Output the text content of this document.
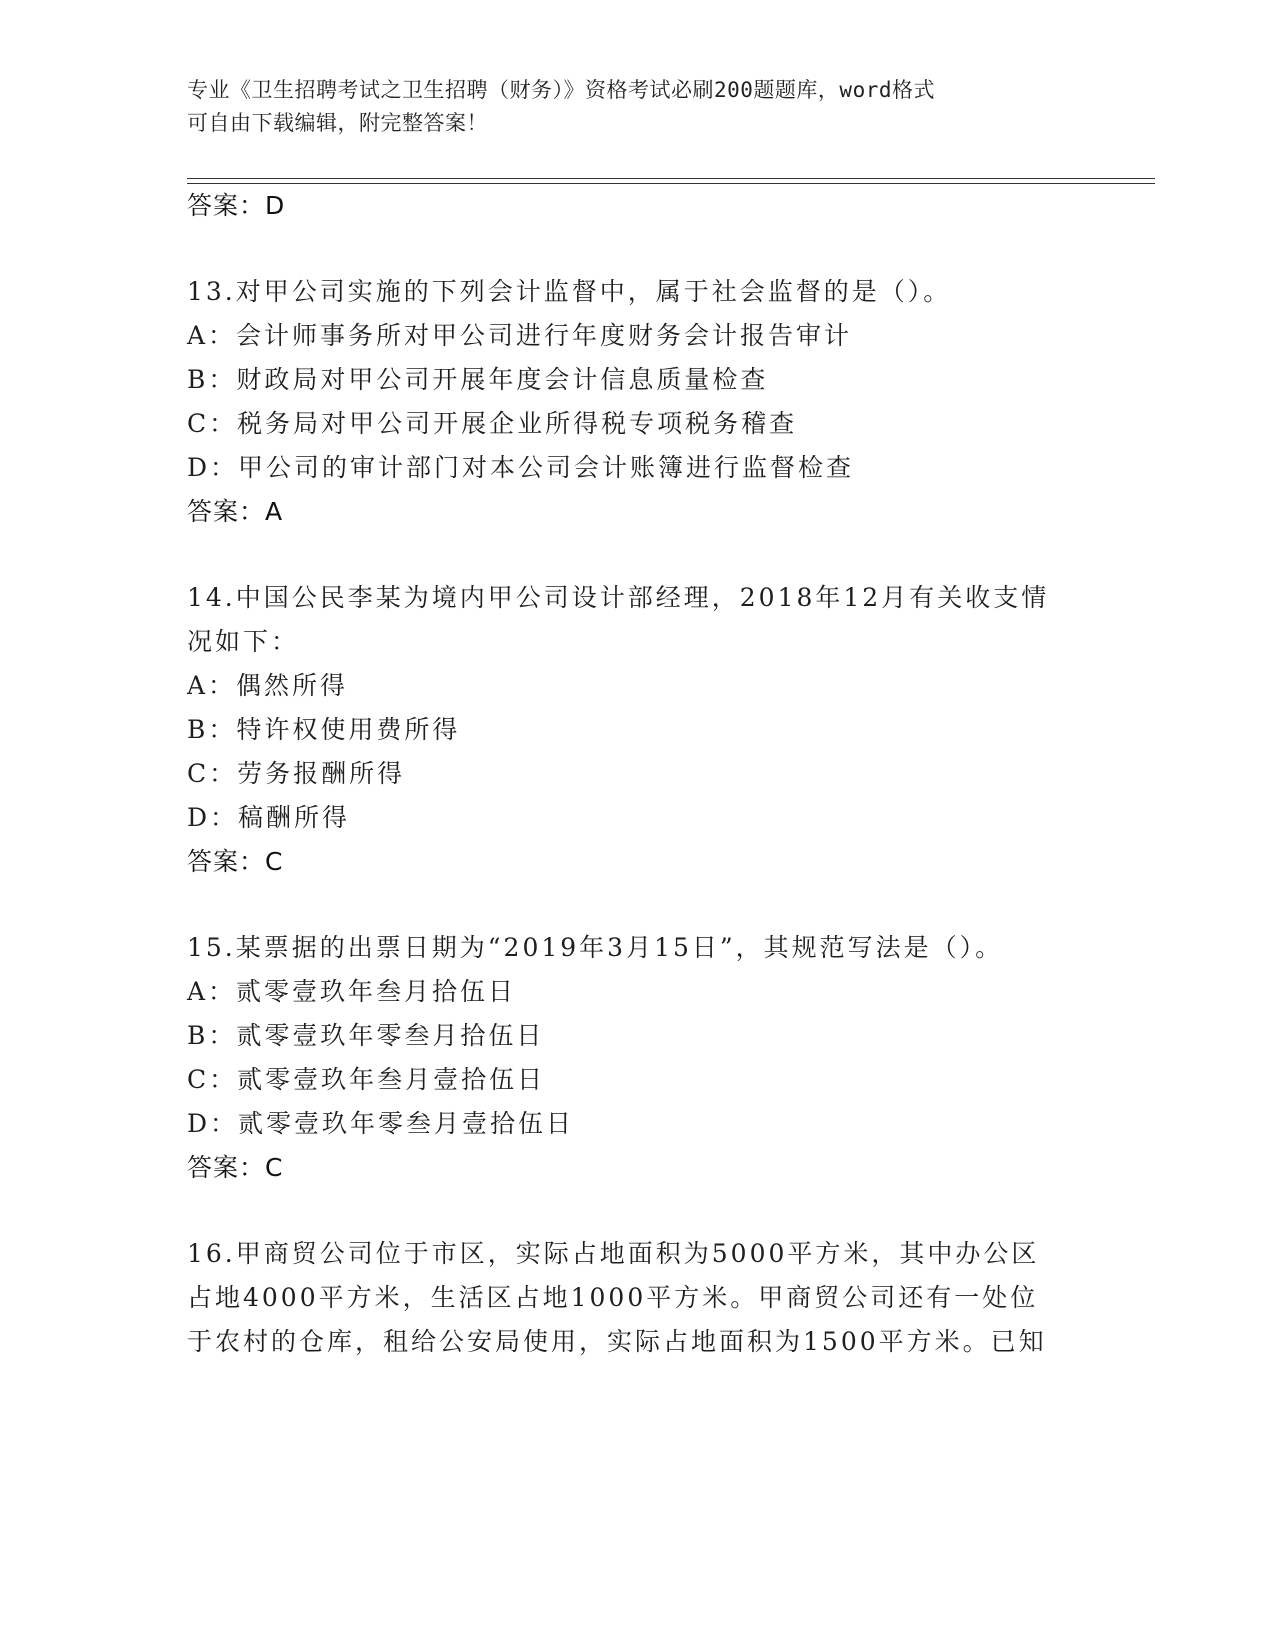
专业《卫生招聘考试之卫生招聘（财务）》资格考试必刷200题题库，word格式
可自由下载编辑，附完整答案！
答案：D
13.对甲公司实施的下列会计监督中，属于社会监督的是（）。
A：会计师事务所对甲公司进行年度财务会计报告审计
B：财政局对甲公司开展年度会计信息质量检查
C：税务局对甲公司开展企业所得税专项税务稽查
D：甲公司的审计部门对本公司会计账簿进行监督检查
答案：A
14.中国公民李某为境内甲公司设计部经理，2018年12月有关收支情
况如下：
A：偶然所得
B：特许权使用费所得
C：劳务报酬所得
D：稿酬所得
答案：C
15.某票据的出票日期为“2019年3月15日”，其规范写法是（）。
A：贰零壹玖年叁月拾伍日
B：贰零壹玖年零叁月拾伍日
C：贰零壹玖年叁月壹拾伍日
D：贰零壹玖年零叁月壹拾伍日
答案：C
16.甲商贸公司位于市区，实际占地面积为5000平方米，其中办公区
占地4000平方米，生活区占地1000平方米。甲商贸公司还有一处位
于农村的仓库，租给公安局使用，实际占地面积为1500平方米。已知
